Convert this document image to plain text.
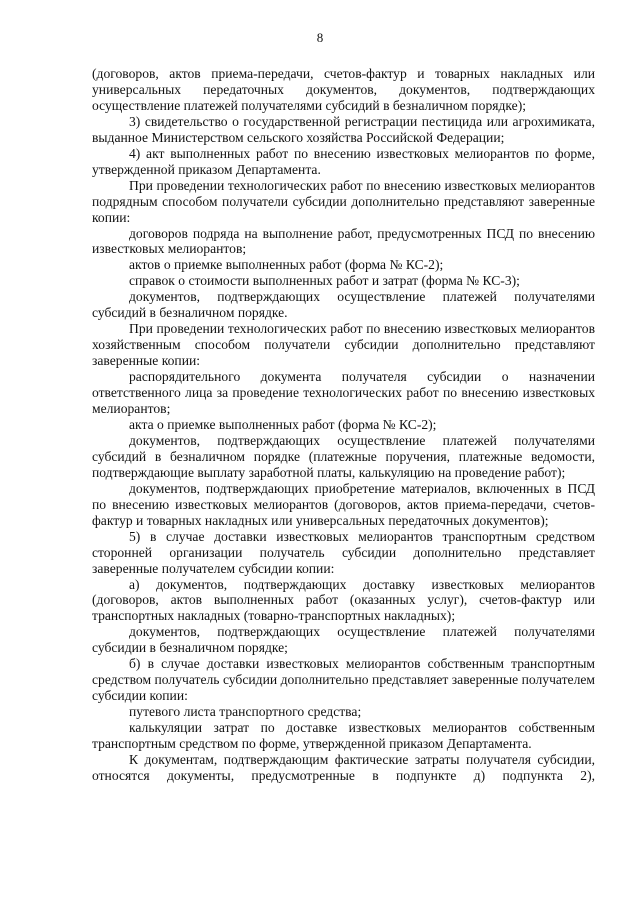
8

(договоров, актов приема-передачи, счетов-фактур и товарных накладных или универсальных передаточных документов, документов, подтверждающих осуществление платежей получателями субсидий в безналичном порядке);

3) свидетельство о государственной регистрации пестицида или агрохимиката, выданное Министерством сельского хозяйства Российской Федерации;

4) акт выполненных работ по внесению известковых мелиорантов по форме, утвержденной приказом Департамента.

При проведении технологических работ по внесению известковых мелиорантов подрядным способом получатели субсидии дополнительно представляют заверенные копии:

договоров подряда на выполнение работ, предусмотренных ПСД по внесению известковых мелиорантов;

актов о приемке выполненных работ (форма № КС-2);

справок о стоимости выполненных работ и затрат (форма № КС-3);

документов, подтверждающих осуществление платежей получателями субсидий в безналичном порядке.

При проведении технологических работ по внесению известковых мелиорантов хозяйственным способом получатели субсидии дополнительно представляют заверенные копии:

распорядительного документа получателя субсидии о назначении ответственного лица за проведение технологических работ по внесению известковых мелиорантов;

акта о приемке выполненных работ (форма № КС-2);

документов, подтверждающих осуществление платежей получателями субсидий в безналичном порядке (платежные поручения, платежные ведомости, подтверждающие выплату заработной платы, калькуляцию на проведение работ);

документов, подтверждающих приобретение материалов, включенных в ПСД по внесению известковых мелиорантов (договоров, актов приема-передачи, счетов-фактур и товарных накладных или универсальных передаточных документов);

5) в случае доставки известковых мелиорантов транспортным средством сторонней организации получатель субсидии дополнительно представляет заверенные получателем субсидии копии:

а) документов, подтверждающих доставку известковых мелиорантов (договоров, актов выполненных работ (оказанных услуг), счетов-фактур или транспортных накладных (товарно-транспортных накладных);

документов, подтверждающих осуществление платежей получателями субсидии в безналичном порядке;

б) в случае доставки известковых мелиорантов собственным транспортным средством получатель субсидии дополнительно представляет заверенные получателем субсидии копии:

путевого листа транспортного средства;

калькуляции затрат по доставке известковых мелиорантов собственным транспортным средством по форме, утвержденной приказом Департамента.

К документам, подтверждающим фактические затраты получателя субсидии, относятся документы, предусмотренные в подпункте д) подпункта 2),
